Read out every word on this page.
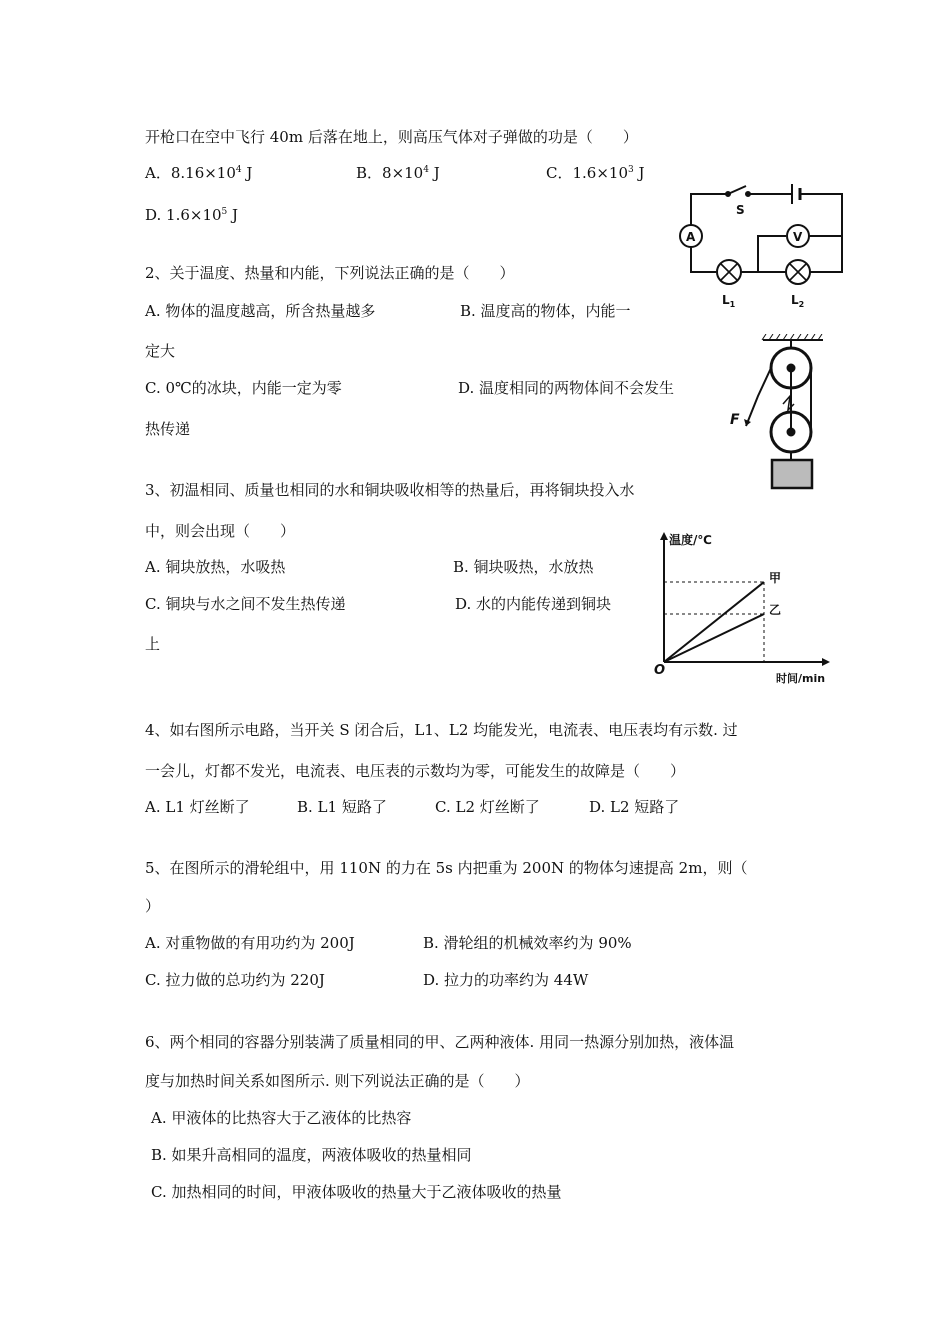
开枪口在空中飞行 40m 后落在地上，则高压气体对子弹做的功是（　　）
A．$8.16\times 10^4$ J	B．$8\times 10^4$ J	C．$1.6\times 10^3$ J
D. $1.6\times 10^5$ J
2、关于温度、热量和内能，下列说法正确的是（　　）
A. 物体的温度越高，所含热量越多	B. 温度高的物体，内能一
定大
C. 0℃的冰块，内能一定为零	D. 温度相同的两物体间不会发生
热传递
3、初温相同、质量也相同的水和铜块吸收相等的热量后，再将铜块投入水
中，则会出现（　　）
A. 铜块放热，水吸热	B. 铜块吸热，水放热
C. 铜块与水之间不发生热传递	D. 水的内能传递到铜块
上
4、如右图所示电路，当开关 S 闭合后，L1、L2 均能发光，电流表、电压表均有示数. 过
一会儿，灯都不发光，电流表、电压表的示数均为零，可能发生的故障是（　　）
A. L1 灯丝断了	B. L1 短路了	C. L2 灯丝断了	D. L2 短路了
5、在图所示的滑轮组中，用 110N 的力在 5s 内把重为 200N 的物体匀速提高 2m，则（
）
A. 对重物做的有用功约为 200J	B. 滑轮组的机械效率约为 90%
C. 拉力做的总功约为 220J	D. 拉力的功率约为 44W
6、两个相同的容器分别装满了质量相同的甲、乙两种液体. 用同一热源分别加热，液体温
度与加热时间关系如图所示. 则下列说法正确的是（　　）
A. 甲液体的比热容大于乙液体的比热容
B. 如果升高相同的温度，两液体吸收的热量相同
C. 加热相同的时间，甲液体吸收的热量大于乙液体吸收的热量
S
A	V
$L_1$	$L_2$
F
温度/℃
时间/min
O
甲
乙
